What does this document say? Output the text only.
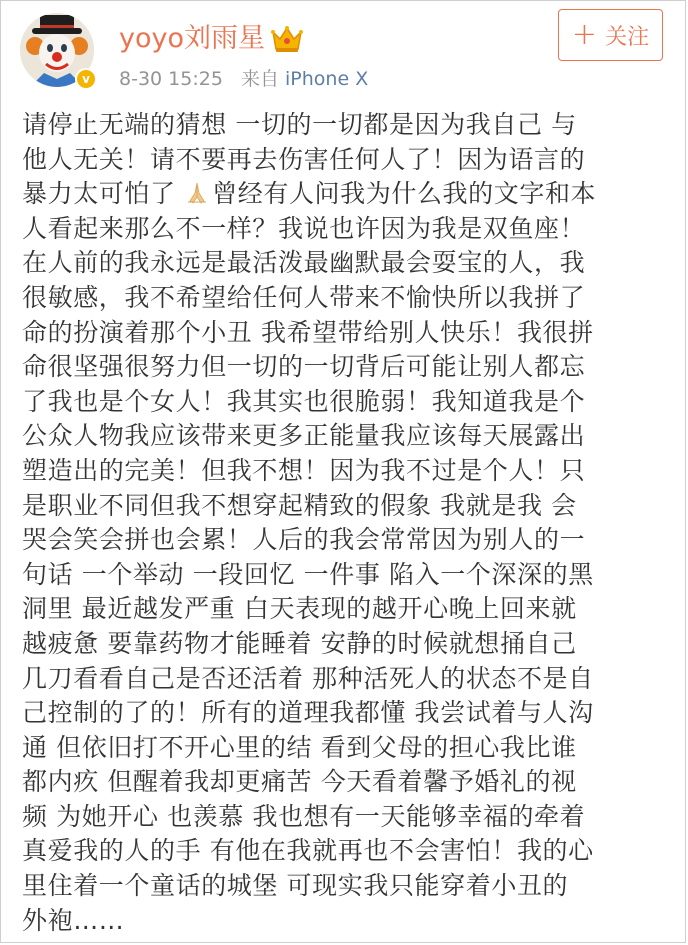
v
yoyo刘雨星
8-30 15:25 来自 iPhone X
+ 关注
请停止无端的猜想 一切的一切都是因为我自己 与
他人无关！请不要再去伤害任何人了！因为语言的
暴力太可怕了 曾经有人问我为什么我的文字和本
人看起来那么不一样？我说也许因为我是双鱼座！
在人前的我永远是最活泼最幽默最会耍宝的人，我
很敏感，我不希望给任何人带来不愉快所以我拼了
命的扮演着那个小丑 我希望带给别人快乐！我很拼
命很坚强很努力但一切的一切背后可能让别人都忘
了我也是个女人！我其实也很脆弱！我知道我是个
公众人物我应该带来更多正能量我应该每天展露出
塑造出的完美！但我不想！因为我不过是个人！只
是职业不同但我不想穿起精致的假象 我就是我 会
哭会笑会拼也会累！人后的我会常常因为别人的一
句话 一个举动 一段回忆 一件事 陷入一个深深的黑
洞里 最近越发严重 白天表现的越开心晚上回来就
越疲惫 要靠药物才能睡着 安静的时候就想捅自己
几刀看看自己是否还活着 那种活死人的状态不是自
己控制的了的！所有的道理我都懂 我尝试着与人沟
通 但依旧打不开心里的结 看到父母的担心我比谁
都内疚 但醒着我却更痛苦 今天看着馨予婚礼的视
频 为她开心 也羡慕 我也想有一天能够幸福的牵着
真爱我的人的手 有他在我就再也不会害怕！我的心
里住着一个童话的城堡 可现实我只能穿着小丑的
外袍……
